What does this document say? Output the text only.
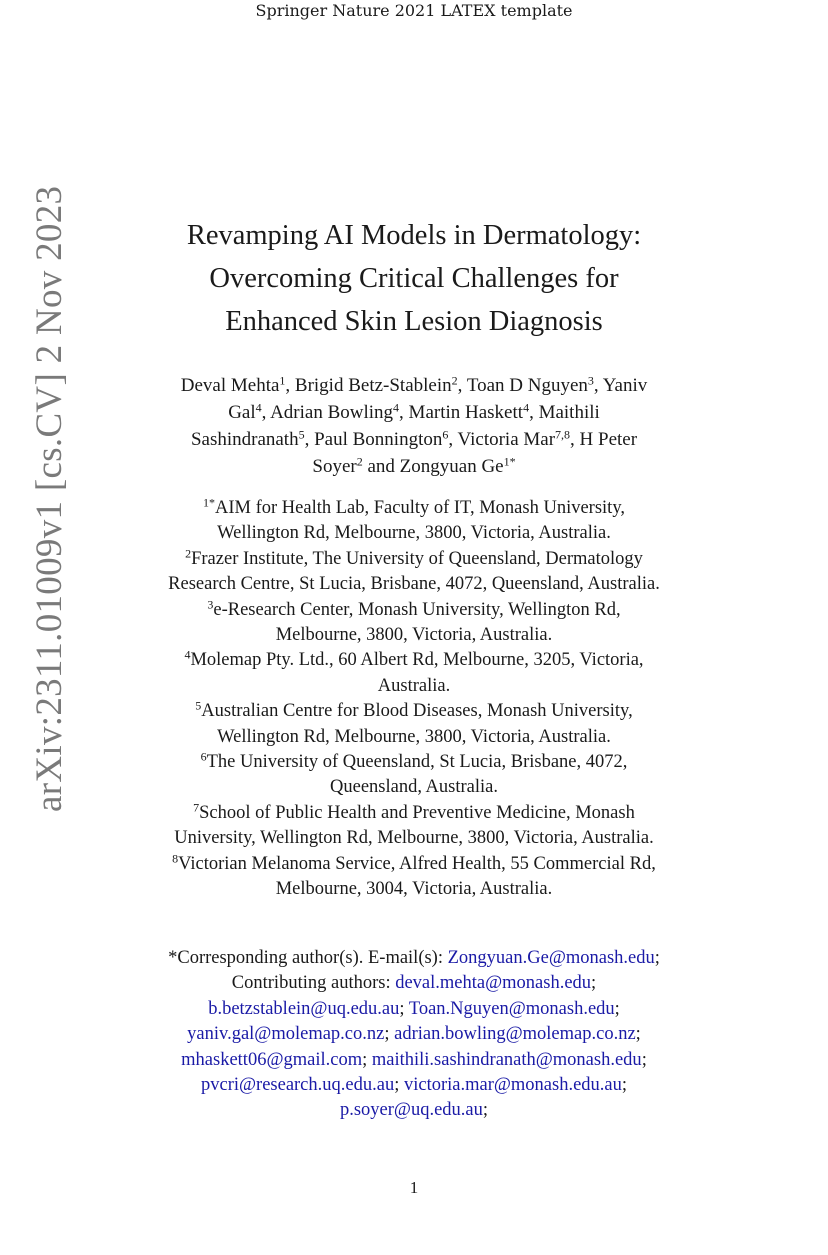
Springer Nature 2021 LATEX template
arXiv:2311.01009v1 [cs.CV] 2 Nov 2023	Revamping AI Models in Dermatology:
Overcoming Critical Challenges for
Enhanced Skin Lesion Diagnosis
Deval Mehta$^1$, Brigid Betz-Stablein$^2$, Toan D Nguyen$^3$, Yaniv
Gal$^4$, Adrian Bowling$^4$, Martin Haskett$^4$, Maithili
Sashindranath$^5$, Paul Bonnington$^6$, Victoria Mar$^{7,8}$, H Peter
Soyer$^2$ and Zongyuan $Ge^{1*}$
$^{1*}$AIM for Health Lab, Faculty of IT, Monash University,
Wellington Rd, Melbourne, 3800, Victoria, Australia.
$^2$Frazer Institute, The University of Queensland, Dermatology
Research Centre, St Lucia, Brisbane, 4072, Queensland, Australia.
$^3$e-Research Center, Monash University, Wellington Rd,
Melbourne, 3800, Victoria, Australia.
$^4$Molemap Pty. Ltd., 60 Albert Rd, Melbourne, 3205, Victoria,
Australia.
$^5$Australian Centre for Blood Diseases, Monash University,
Wellington Rd, Melbourne, 3800, Victoria, Australia.
$^6$The University of Queensland, St Lucia, Brisbane, 4072,
Queensland, Australia.
$^7$School of Public Health and Preventive Medicine, Monash
University, Wellington Rd, Melbourne, 3800, Victoria, Australia.
$^8$Victorian Melanoma Service, Alfred Health, 55 Commercial Rd,
Melbourne, 3004, Victoria, Australia.
*Corresponding author(s). E-mail(s): Zongyuan.Ge@monash.edu;
Contributing authors: deval.mehta@monash.edu;
b.betzstablein@uq.edu.au; Toan.Nguyen@monash.edu;
yaniv.gal@molemap.co.nz; adrian.bowling@molemap.co.nz;
mhaskett06@gmail.com; maithili.sashindranath@monash.edu;
pvcri@research.uq.edu.au; victoria.mar@monash.edu.au;
p.soyer@uq.edu.au;
1
